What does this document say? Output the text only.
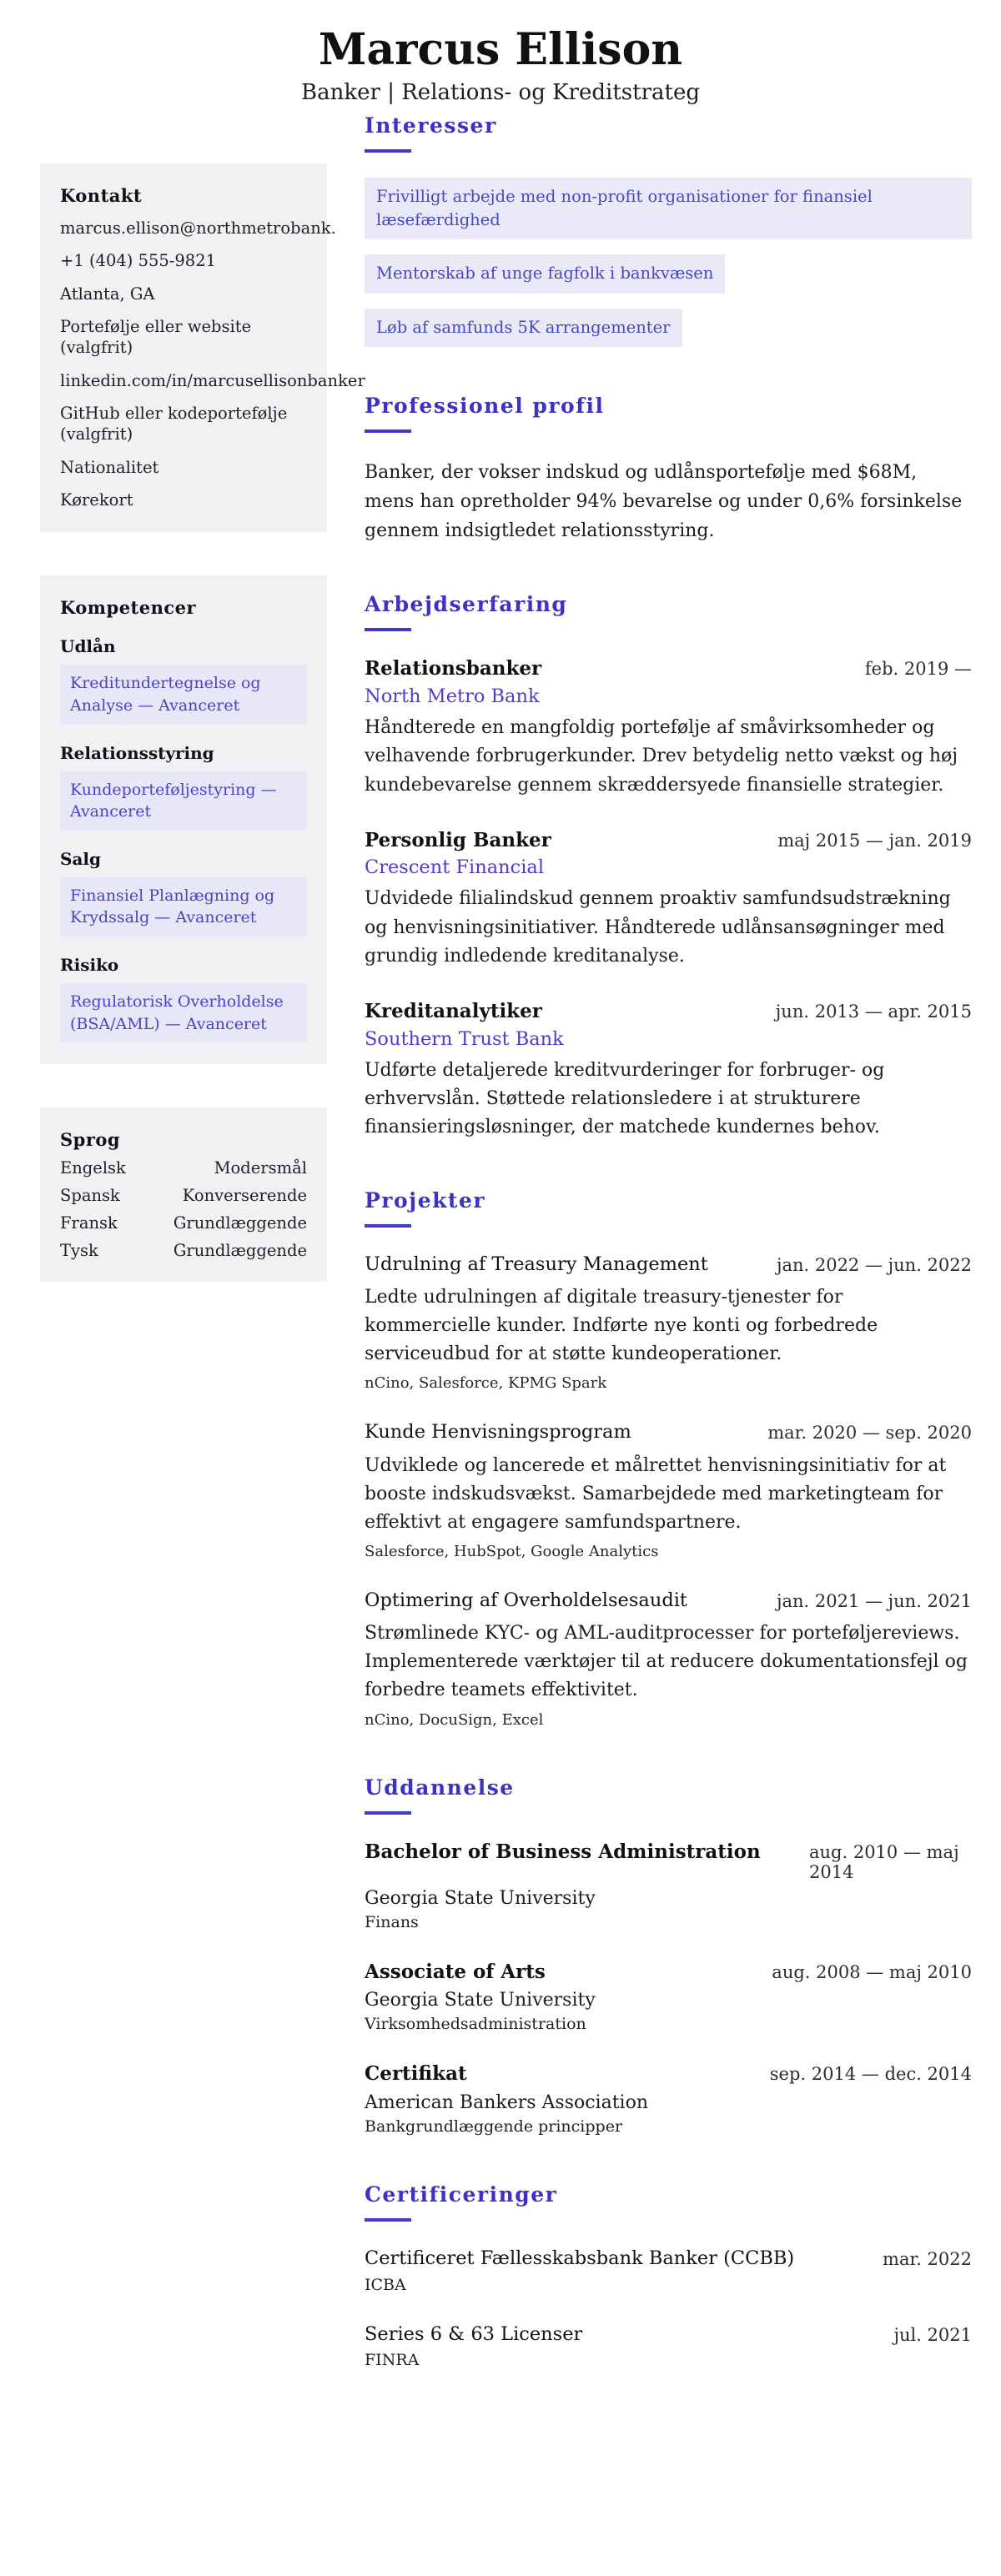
Marcus Ellison
Banker | Relations- og Kreditstrateg
Kontakt
marcus.ellison@northmetrobank.
+1 (404) 555-9821
Atlanta, GA
Portefølje eller website (valgfrit)
linkedin.com/in/marcusellisonbanker
GitHub eller kodeportefølje (valgfrit)
Nationalitet
Kørekort
Kompetencer
Udlån
Kreditundertegnelse og Analyse — Avanceret
Relationsstyring
Kundeporteføljestyring — Avanceret
Salg
Finansiel Planlægning og Krydssalg — Avanceret
Risiko
Regulatorisk Overholdelse (BSA/AML) — Avanceret
Sprog
Engelsk	Modersmål
Spansk	Konverserende
Fransk	Grundlæggende
Tysk	Grundlæggende
Interesser
Frivilligt arbejde med non-profit organisationer for finansiel læsefærdighed
Mentorskab af unge fagfolk i bankvæsen
Løb af samfunds 5K arrangementer
Professionel profil
Banker, der vokser indskud og udlånsportefølje med $68M, mens han opretholder 94% bevarelse og under 0,6% forsinkelse gennem indsigtledet relationsstyring.
Arbejdserfaring
Relationsbanker	feb. 2019 —
North Metro Bank
Håndterede en mangfoldig portefølje af småvirksomheder og velhavende forbrugerkunder. Drev betydelig netto vækst og høj kundebevarelse gennem skræddersyede finansielle strategier.
Personlig Banker	maj 2015 — jan. 2019
Crescent Financial
Udvidede filialindskud gennem proaktiv samfundsudstrækning og henvisningsinitiativer. Håndterede udlånsansøgninger med grundig indledende kreditanalyse.
Kreditanalytiker	jun. 2013 — apr. 2015
Southern Trust Bank
Udførte detaljerede kreditvurderinger for forbruger- og erhvervslån. Støttede relationsledere i at strukturere finansieringsløsninger, der matchede kundernes behov.
Projekter
Udrulning af Treasury Management	jan. 2022 — jun. 2022
Ledte udrulningen af digitale treasury-tjenester for kommercielle kunder. Indførte nye konti og forbedrede serviceudbud for at støtte kundeoperationer.
nCino, Salesforce, KPMG Spark
Kunde Henvisningsprogram	mar. 2020 — sep. 2020
Udviklede og lancerede et målrettet henvisningsinitiativ for at booste indskudsvækst. Samarbejdede med marketingteam for effektivt at engagere samfundspartnere.
Salesforce, HubSpot, Google Analytics
Optimering af Overholdelsesaudit	jan. 2021 — jun. 2021
Strømlinede KYC- og AML-auditprocesser for porteføljereviews. Implementerede værktøjer til at reducere dokumentationsfejl og forbedre teamets effektivitet.
nCino, DocuSign, Excel
Uddannelse
Bachelor of Business Administration	aug. 2010 — maj 2014
Georgia State University
Finans
Associate of Arts	aug. 2008 — maj 2010
Georgia State University
Virksomhedsadministration
Certifikat	sep. 2014 — dec. 2014
American Bankers Association
Bankgrundlæggende principper
Certificeringer
Certificeret Fællesskabsbank Banker (CCBB)	mar. 2022
ICBA
Series 6 & 63 Licenser	jul. 2021
FINRA
